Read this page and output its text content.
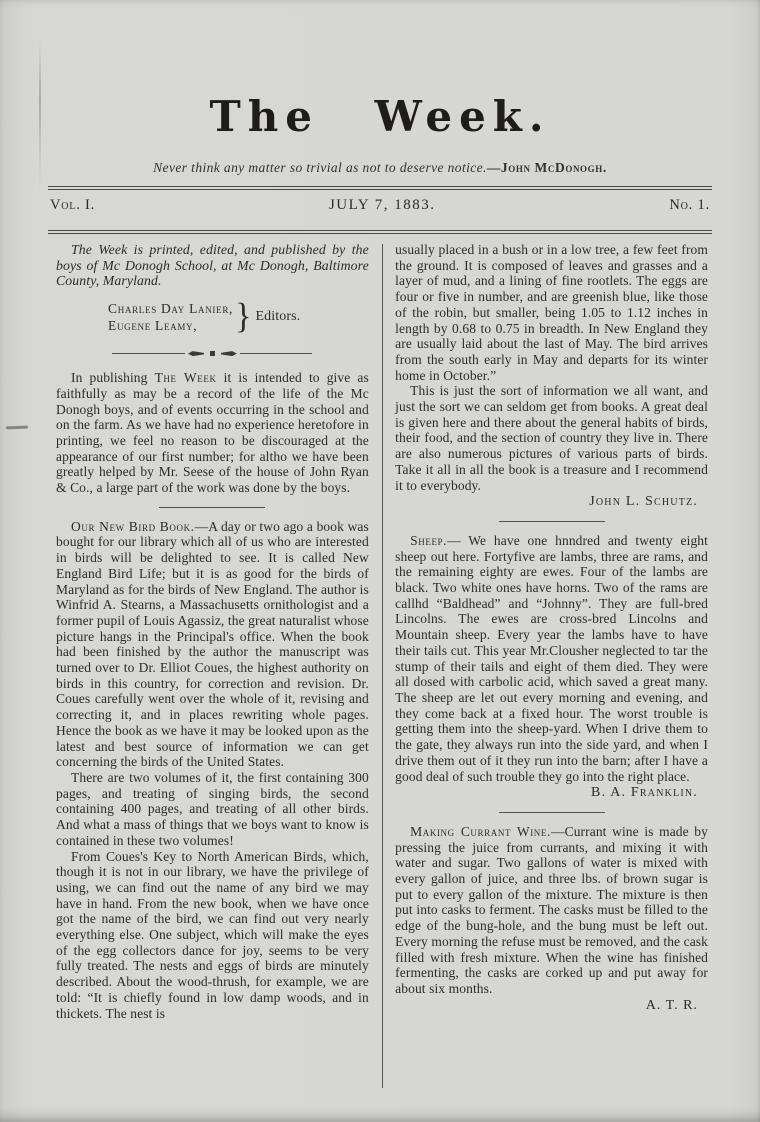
The Week.
Never think any matter so trivial as not to deserve notice.—John McDonogh.
Vol. I.	JULY 7, 1883.	No. 1.

The Week is printed, edited, and published by the boys of Mc Donogh School, at Mc Donogh, Baltimore County, Maryland.

Charles Day Lanier,
Eugene Leamy,	} Editors.

In publishing The Week it is intended to give as faithfully as may be a record of the life of the Mc Donogh boys, and of events occurring in the school and on the farm. As we have had no experience heretofore in printing, we feel no reason to be discouraged at the appearance of our first number; for altho we have been greatly helped by Mr. Seese of the house of John Ryan & Co., a large part of the work was done by the boys.

Our New Bird Book.—A day or two ago a book was bought for our library which all of us who are interested in birds will be delighted to see. It is called New England Bird Life; but it is as good for the birds of Maryland as for the birds of New England. The author is Winfrid A. Stearns, a Massachusetts ornithologist and a former pupil of Louis Agassiz, the great naturalist whose picture hangs in the Principal's office. When the book had been finished by the author the manuscript was turned over to Dr. Elliot Coues, the highest authority on birds in this country, for correction and revision. Dr. Coues carefully went over the whole of it, revising and correcting it, and in places rewriting whole pages. Hence the book as we have it may be looked upon as the latest and best source of information we can get concerning the birds of the United States.

There are two volumes of it, the first containing 300 pages, and treating of singing birds, the second containing 400 pages, and treating of all other birds. And what a mass of things that we boys want to know is contained in these two volumes!

From Coues's Key to North American Birds, which, though it is not in our library, we have the privilege of using, we can find out the name of any bird we may have in hand. From the new book, when we have once got the name of the bird, we can find out very nearly everything else. One subject, which will make the eyes of the egg collectors dance for joy, seems to be very fully treated. The nests and eggs of birds are minutely described. About the wood-thrush, for example, we are told: “It is chiefly found in low damp woods, and in thickets. The nest is

usually placed in a bush or in a low tree, a few feet from the ground. It is composed of leaves and grasses and a layer of mud, and a lining of fine rootlets. The eggs are four or five in number, and are greenish blue, like those of the robin, but smaller, being 1.05 to 1.12 inches in length by 0.68 to 0.75 in breadth. In New England they are usually laid about the last of May. The bird arrives from the south early in May and departs for its winter home in October.”

This is just the sort of information we all want, and just the sort we can seldom get from books. A great deal is given here and there about the general habits of birds, their food, and the section of country they live in. There are also numerous pictures of various parts of birds. Take it all in all the book is a treasure and I recommend it to everybody.

John L. Schutz.

Sheep.— We have one hnndred and twenty eight sheep out here. Fortyfive are lambs, three are rams, and the remaining eighty are ewes. Four of the lambs are black. Two white ones have horns. Two of the rams are callhd “Baldhead” and “Johnny”. They are full-bred Lincolns. The ewes are cross-bred Lincolns and Mountain sheep. Every year the lambs have to have their tails cut. This year Mr.Clousher neglected to tar the stump of their tails and eight of them died. They were all dosed with carbolic acid, which saved a great many. The sheep are let out every morning and evening, and they come back at a fixed hour. The worst trouble is getting them into the sheep-yard. When I drive them to the gate, they always run into the side yard, and when I drive them out of it they run into the barn; after I have a good deal of such trouble they go into the right place.

B. A. Franklin.

Making Currant Wine.—Currant wine is made by pressing the juice from currants, and mixing it with water and sugar. Two gallons of water is mixed with every gallon of juice, and three lbs. of brown sugar is put to every gallon of the mixture. The mixture is then put into casks to ferment. The casks must be filled to the edge of the bung-hole, and the bung must be left out. Every morning the refuse must be removed, and the cask filled with fresh mixture. When the wine has finished fermenting, the casks are corked up and put away for about six months.

A. T. R.
